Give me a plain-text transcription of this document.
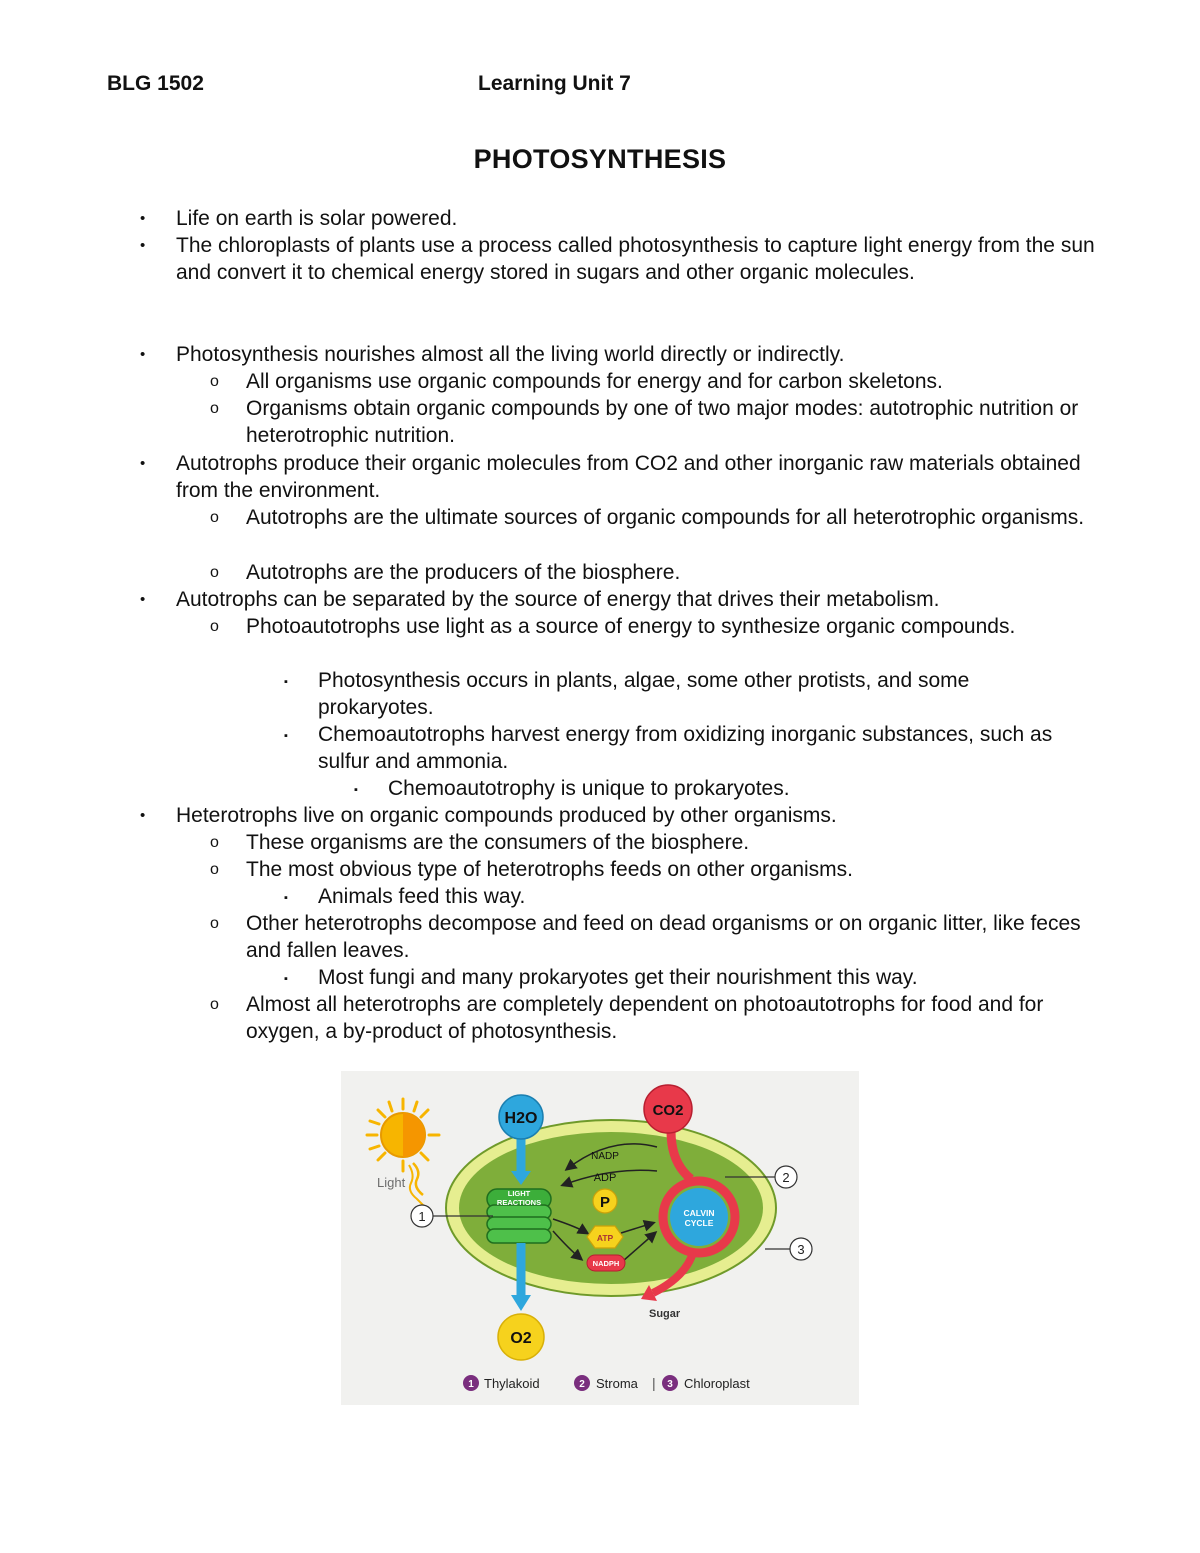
BLG 1502	Learning Unit 7
PHOTOSYNTHESIS
• Life on earth is solar powered.
• The chloroplasts of plants use a process called photosynthesis to capture light energy from the sun and convert it to chemical energy stored in sugars and other organic molecules.
• Photosynthesis nourishes almost all the living world directly or indirectly.
o All organisms use organic compounds for energy and for carbon skeletons.
o Organisms obtain organic compounds by one of two major modes: autotrophic nutrition or heterotrophic nutrition.
• Autotrophs produce their organic molecules from CO2 and other inorganic raw materials obtained from the environment.
o Autotrophs are the ultimate sources of organic compounds for all heterotrophic organisms.
o Autotrophs are the producers of the biosphere.
• Autotrophs can be separated by the source of energy that drives their metabolism.
o Photoautotrophs use light as a source of energy to synthesize organic compounds.
▪ Photosynthesis occurs in plants, algae, some other protists, and some prokaryotes.
▪ Chemoautotrophs harvest energy from oxidizing inorganic substances, such as sulfur and ammonia.
▪ Chemoautotrophy is unique to prokaryotes.
• Heterotrophs live on organic compounds produced by other organisms.
o These organisms are the consumers of the biosphere.
o The most obvious type of heterotrophs feeds on other organisms.
▪ Animals feed this way.
o Other heterotrophs decompose and feed on dead organisms or on organic litter, like feces and fallen leaves.
▪ Most fungi and many prokaryotes get their nourishment this way.
o Almost all heterotrophs are completely dependent on photoautotrophs for food and for oxygen, a by-product of photosynthesis.
Light
H2O
LIGHT
REACTIONS
O2
NADP
ADP
P
ATP
NADPH
CO2
CALVIN
CYCLE
Sugar
1
2
3
1 Thylakoid	2 Stroma | 3 Chloroplast
